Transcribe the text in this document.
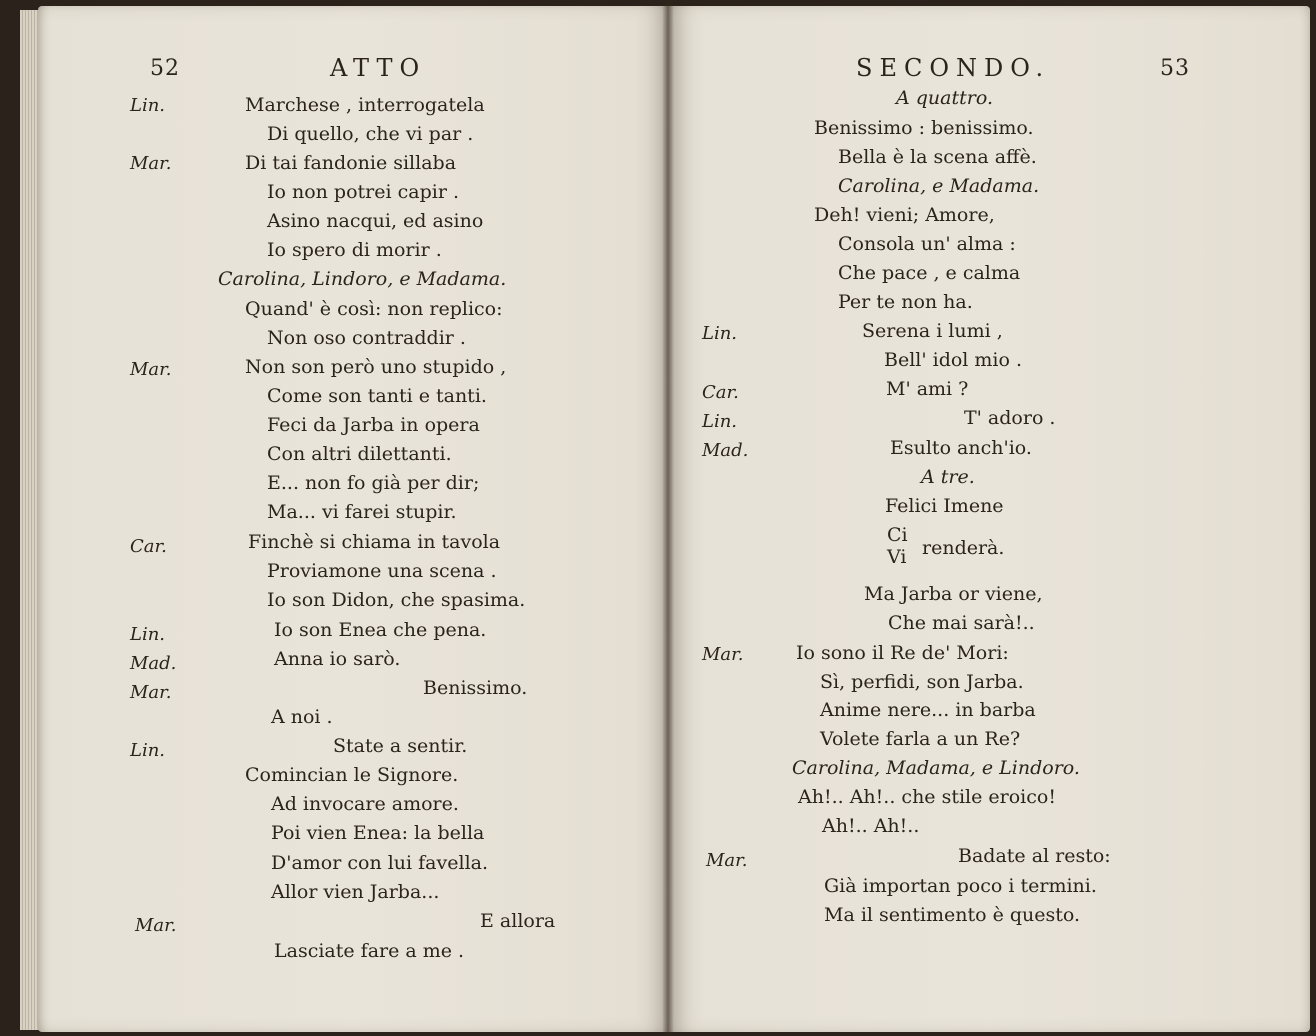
52	ATTO
Lin.
Mar.
Mar.
Car.
Lin.
Mad.
Mar.
Lin.
Mar.
Marchese , interrogatela
Di quello, che vi par .
Di tai fandonie sillaba
Io non potrei capir .
Asino nacqui, ed asino
Io spero di morir .
Carolina, Lindoro, e Madama.
Quand' è così: non replico:
Non oso contraddir .
Non son però uno stupido ,
Come son tanti e tanti.
Feci da Jarba in opera
Con altri dilettanti.
E... non fo già per dir;
Ma... vi farei stupir.
Finchè si chiama in tavola
Proviamone una scena .
Io son Didon, che spasima.
Io son Enea che pena.
Anna io sarò.
Benissimo.
A noi .
State a sentir.
Comincian le Signore.
Ad invocare amore.
Poi vien Enea: la bella
D'amor con lui favella.
Allor vien Jarba...
E allora
Lasciate fare a me .
SECONDO.	53
Lin.
Car.
Lin.
Mad.
Mar.
Mar.
A quattro.
Benissimo : benissimo.
Bella è la scena affè.
Carolina, e Madama.
Deh! vieni; Amore,
Consola un' alma :
Che pace , e calma
Per te non ha.
Serena i lumi ,
Bell' idol mio .
M' ami ?
T' adoro .
Esulto anch'io.
A tre.
Felici Imene
Ci
Vi renderà.
Ma Jarba or viene,
Che mai sarà!..
Io sono il Re de' Mori:
Sì, perfidi, son Jarba.
Anime nere... in barba
Volete farla a un Re?
Carolina, Madama, e Lindoro.
Ah!.. Ah!.. che stile eroico!
Ah!.. Ah!..
Badate al resto:
Già importan poco i termini.
Ma il sentimento è questo.
